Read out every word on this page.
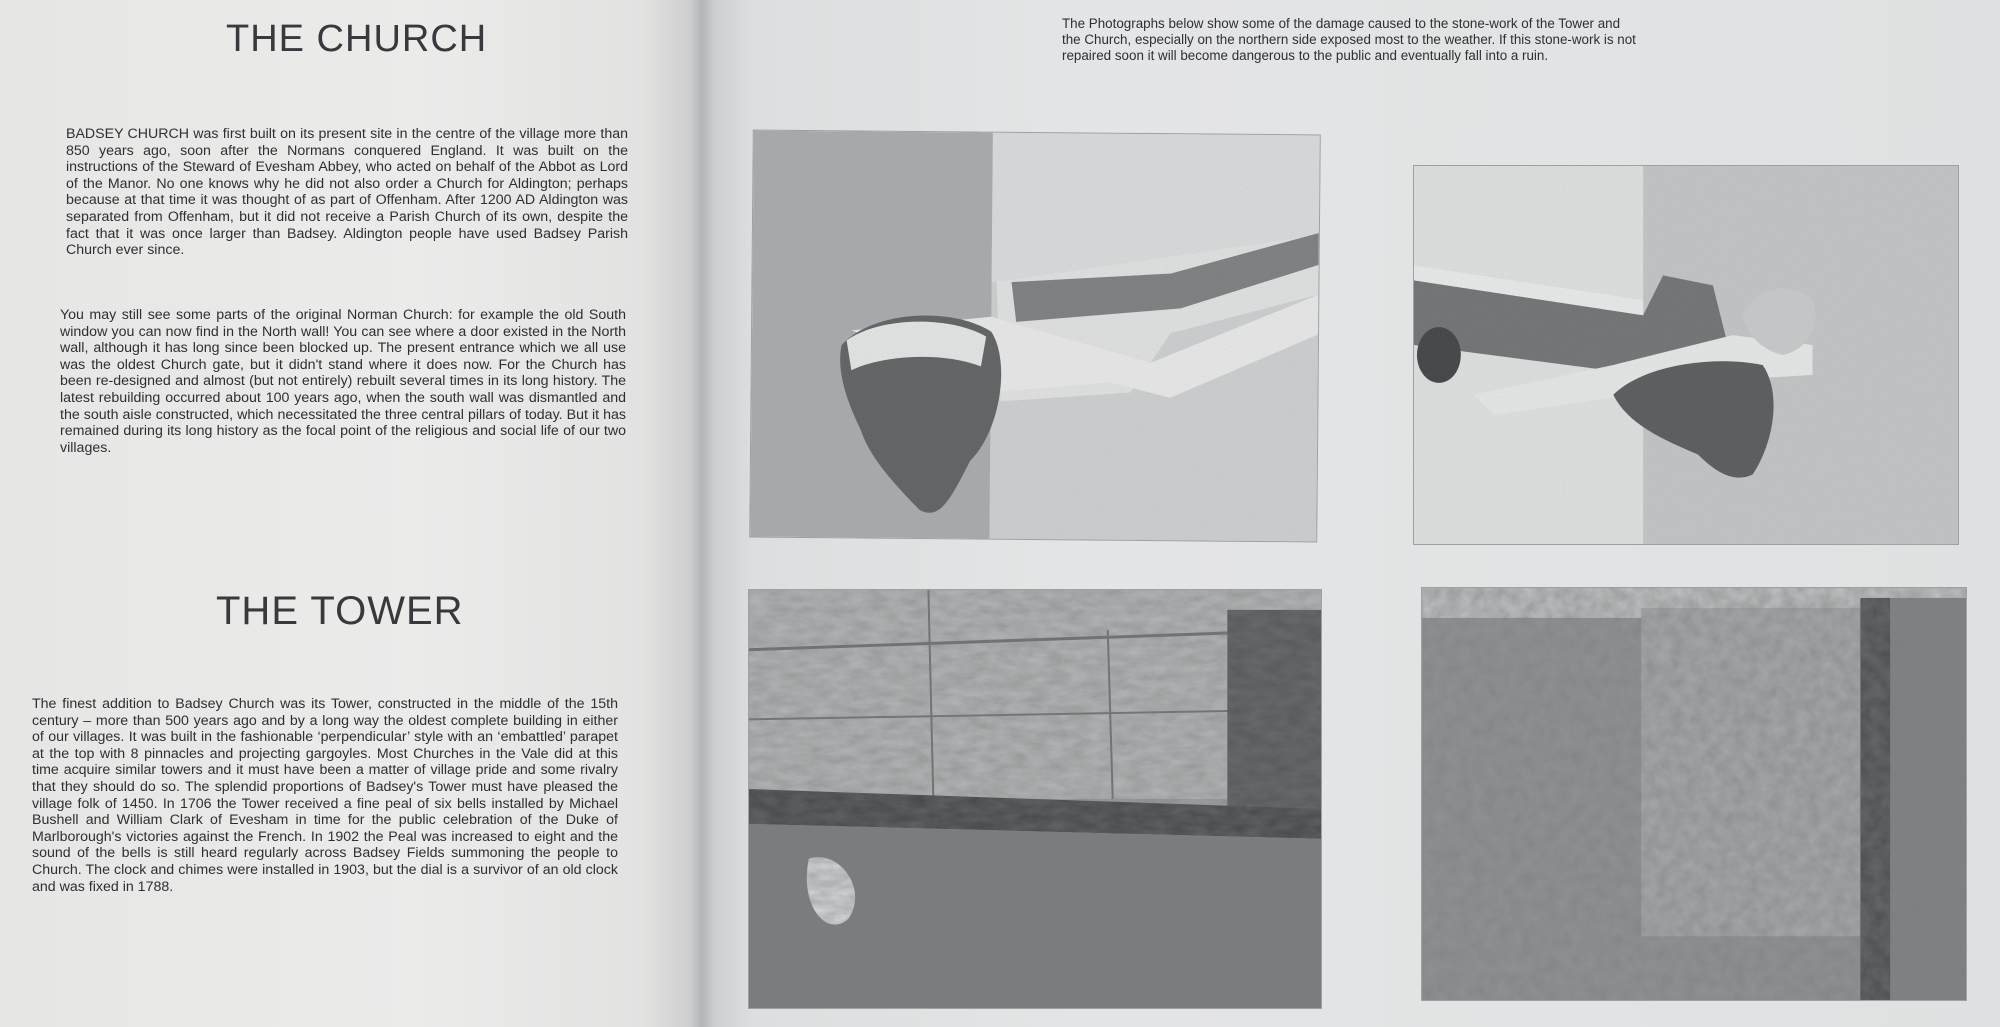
THE CHURCH

BADSEY CHURCH was first built on its present site in the centre of the village more than 850 years ago, soon after the Normans conquered England. It was built on the instructions of the Steward of Evesham Abbey, who acted on behalf of the Abbot as Lord of the Manor. No one knows why he did not also order a Church for Aldington; perhaps because at that time it was thought of as part of Offenham. After 1200 AD Aldington was separated from Offenham, but it did not receive a Parish Church of its own, despite the fact that it was once larger than Badsey. Aldington people have used Badsey Parish Church ever since.

You may still see some parts of the original Norman Church: for example the old South window you can now find in the North wall! You can see where a door existed in the North wall, although it has long since been blocked up. The present entrance which we all use was the oldest Church gate, but it didn't stand where it does now. For the Church has been re-designed and almost (but not entirely) rebuilt several times in its long history. The latest rebuilding occurred about 100 years ago, when the south wall was dismantled and the south aisle constructed, which necessitated the three central pillars of today. But it has remained during its long history as the focal point of the religious and social life of our two villages.

THE TOWER

The finest addition to Badsey Church was its Tower, constructed in the middle of the 15th century – more than 500 years ago and by a long way the oldest complete building in either of our villages. It was built in the fashionable ‘perpendicular’ style with an ‘embattled’ parapet at the top with 8 pinnacles and projecting gargoyles. Most Churches in the Vale did at this time acquire similar towers and it must have been a matter of village pride and some rivalry that they should do so. The splendid proportions of Badsey's Tower must have pleased the village folk of 1450. In 1706 the Tower received a fine peal of six bells installed by Michael Bushell and William Clark of Evesham in time for the public celebration of the Duke of Marlborough's victories against the French. In 1902 the Peal was increased to eight and the sound of the bells is still heard regularly across Badsey Fields summoning the people to Church. The clock and chimes were installed in 1903, but the dial is a survivor of an old clock and was fixed in 1788.

The Photographs below show some of the damage caused to the stone-work of the Tower and the Church, especially on the northern side exposed most to the weather. If this stone-work is not repaired soon it will become dangerous to the public and eventually fall into a ruin.
